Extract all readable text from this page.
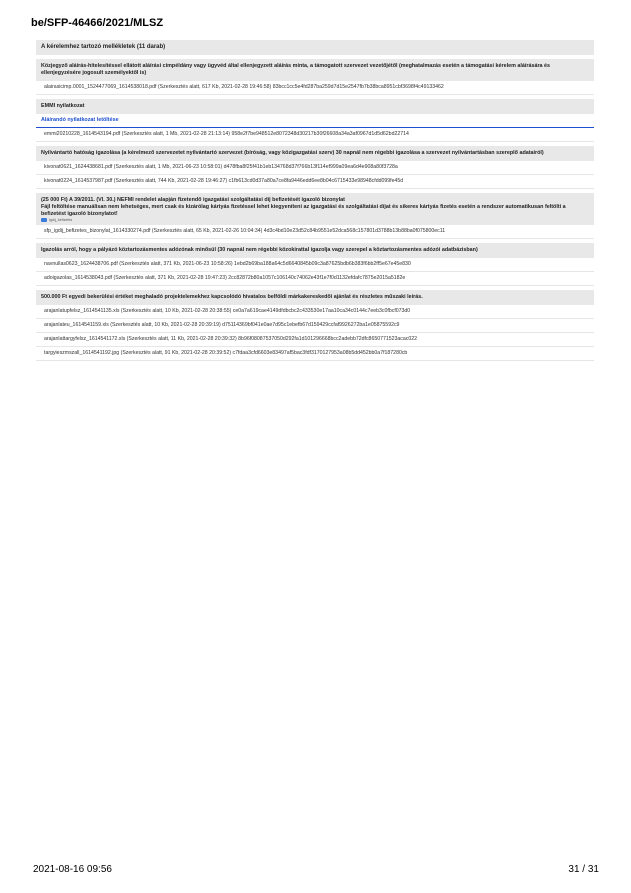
be/SFP-46466/2021/MLSZ
A kérelemhez tartozó mellékletek (11 darab)
Közjegyző aláírás-hitelesítéssel ellátott aláírási címpéldány vagy ügyvéd által ellenjegyzett aláírás minta, a támogatott szervezet vezetőjétől (meghatalmazás esetén a támogatási kérelem aláírására és ellenjegyzésére jogosult személyektől is)
alairasicimp.0001_1524477069_1614538018.pdf (Szerkesztés alatt, 617 Kb, 2021-02-28 19:46:58) 83bcc1cc5e4fd287ba259d7d15e2547fb7b38bca8951cbf3698f4c49133462
EMMI nyilatkozat
Aláírandó nyilatkozat letöltése
emmi20210228_1614543194.pdf (Szerkesztés alatt, 1 Mb, 2021-02-28 21:13:14) 958e2f7be948512e8072348d30217b30f26608a34a3af0967d1d5d62bd22714
Nyilvántartó hatóság igazolása (a kérelmező szervezetet nyilvántartó szervezet (bíróság, vagy közigazgatási szerv) 30 napnál nem régebbi igazolása a szervezet nyilvántartásban szereplő adatairól)
kivonat0621_1624438681.pdf (Szerkesztés alatt, 1 Mb, 2021-06-23 10:58:01) d478fba8f25f41b1eb134768d37f766b13f114ef999a09ea6d4e908a80f3728a
kivonat0224_1614537987.pdf (Szerkesztés alatt, 744 Kb, 2021-02-28 19:46:27) c1fb613cd0d37a80a7ce8fa9446edd6ee8b04c6715433e98948cfdd099fe45d
(25 000 Ft) A 39/2011. (VI. 30.) NEFMI rendelet alapján fizetendő igazgatási szolgáltatási díj befizetését igazoló bizonylat
Fájl feltöltése manuálisan nem lehetséges, mert csak és kizárólag kártyás fizetéssel lehet kiegyeníteni az igazgatási és szolgáltatási díjat és sikeres kártyás fizetés esetén a rendszer automatikusan feltölti a befizetést igazoló bizonylatot!
Igdíj_befizetés
sfp_igdij_befizetes_bizonylat_1614330274.pdf (Szerkesztés alatt, 65 Kb, 2021-02-26 10:04:34) 4d3c4bd10e23d52c84b9551e52dca568c157801d3788b13b88ba0f075800ec11
Igazolás arról, hogy a pályázó köztartozásmentes adózónak minősül (30 napnál nem régebbi közokirattal igazolja vagy szerepel a köztartozásmentes adózói adatbázisban)
navnullas0623_1624438706.pdf (Szerkesztés alatt, 371 Kb, 2021-06-23 10:58:26) 1ebd2b69ba188a64c5d6640845b09c3a87625bdb6b383f6bb2ff5e67e45e830
adoigazolas_1614538043.pdf (Szerkesztés alatt, 371 Kb, 2021-02-28 19:47:23) 2cc82872b80a1057c106140c74062e43f1e7f0d1132efdafc7875e2015a5182e
500.000 Ft egyedi bekerülési értéket meghaladó projektelemekhez kapcsolódó hivatalos belföldi márkakereskedői ajánlat és részletes műszaki leírás.
arajanlatupfelsz_1614541135.xls (Szerkesztés alatt, 10 Kb, 2021-02-28 20:38:55) ce0a7a619cae4149dfdbcbc2c433530e17aa10ca34c0144c7eeb3c0fbcf073d0
arajanlateu_1614541159.xls (Szerkesztés alatt, 10 Kb, 2021-02-28 20:39:19) d75114369bf041e0ae7d95c1ebefb67d159429ccfaf9926272ba1e05875592c9
arajanlattargyfelsz_1614541172.xls (Szerkesztés alatt, 11 Kb, 2021-02-28 20:39:32) 8b96f08087537050d292fa1d101296668bcc2adebb72dfc8650771523acac022
targyieszmszall_1614541192.jpg (Szerkesztés alatt, 91 Kb, 2021-02-28 20:39:52) c7fdaa3cfd6603e83497af5bac3fdf3170127953a08b5dd452bb0a7f187280cb
2021-08-16 09:56	31 / 31
